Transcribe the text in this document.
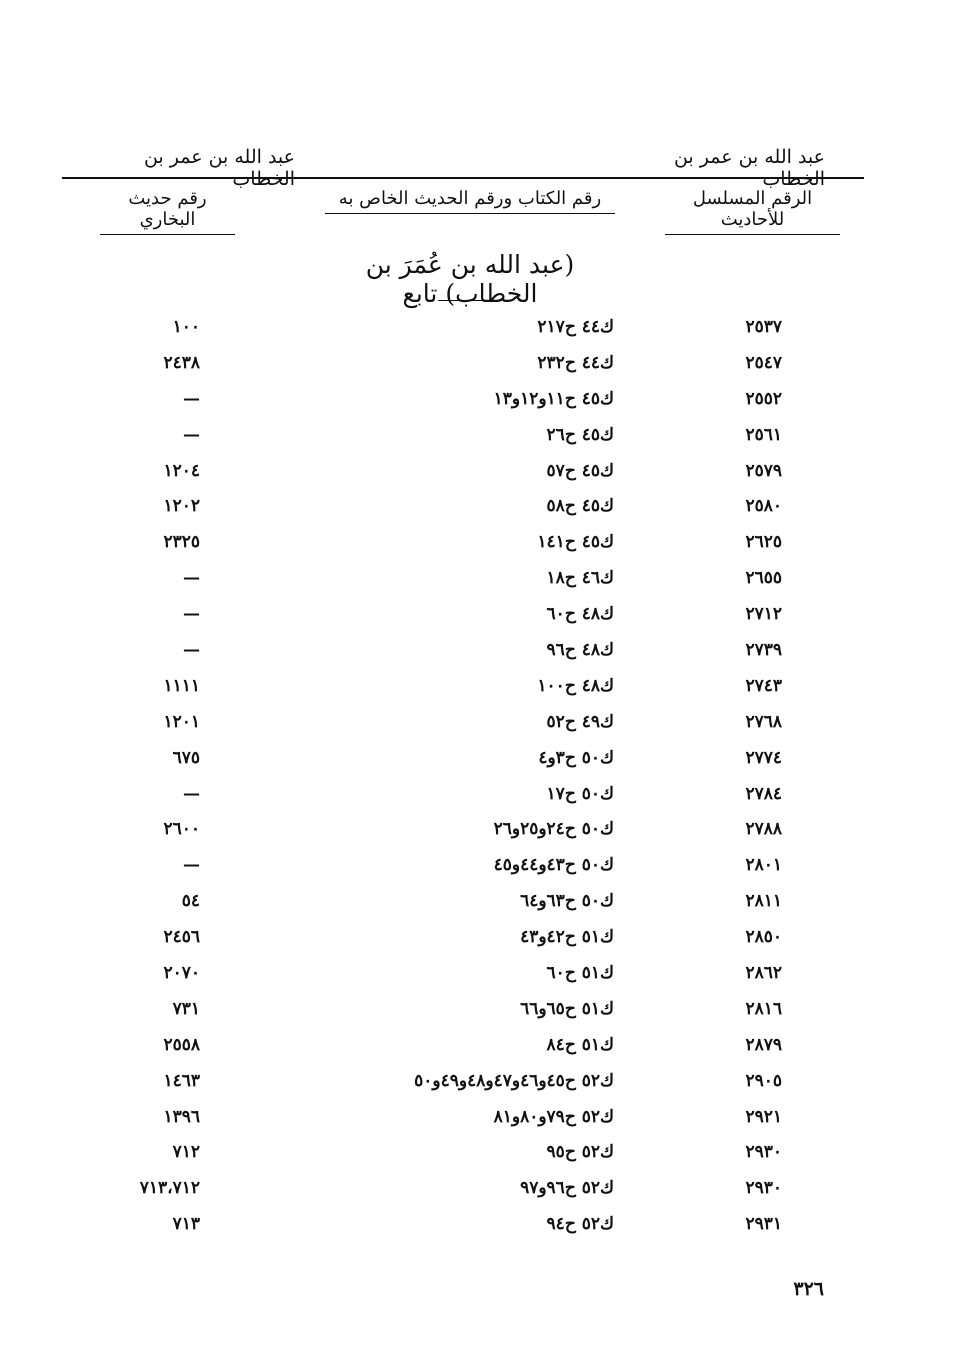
عبد الله بن عمر بن الخطاب
عبد الله بن عمر بن الخطاب
الرقم المسلسل للأحاديث
رقم الكتاب ورقم الحديث الخاص به
رقم حديث البخاري
(عبد الله بن عُمَرَ بن الخطاب) تابع
٢٥٣٧
ك٤٤ ح٢١٧
١٠٠
٢٥٤٧
ك٤٤ ح٢٣٢
٢٤٣٨
٢٥٥٢
ك٤٥ ح١١و١٢و١٣
—
٢٥٦١
ك٤٥ ح٢٦
—
٢٥٧٩
ك٤٥ ح٥٧
١٢٠٤
٢٥٨٠
ك٤٥ ح٥٨
١٢٠٢
٢٦٢٥
ك٤٥ ح١٤١
٢٣٢٥
٢٦٥٥
ك٤٦ ح١٨
—
٢٧١٢
ك٤٨ ح٦٠
—
٢٧٣٩
ك٤٨ ح٩٦
—
٢٧٤٣
ك٤٨ ح١٠٠
١١١١
٢٧٦٨
ك٤٩ ح٥٢
١٢٠١
٢٧٧٤
ك٥٠ ح٣و٤
٦٧٥
٢٧٨٤
ك٥٠ ح١٧
—
٢٧٨٨
ك٥٠ ح٢٤و٢٥و٢٦
٢٦٠٠
٢٨٠١
ك٥٠ ح٤٣و٤٤و٤٥
—
٢٨١١
ك٥٠ ح٦٣و٦٤
٥٤
٢٨٥٠
ك٥١ ح٤٢و٤٣
٢٤٥٦
٢٨٦٢
ك٥١ ح٦٠
٢٠٧٠
٢٨١٦
ك٥١ ح٦٥و٦٦
٧٣١
٢٨٧٩
ك٥١ ح٨٤
٢٥٥٨
٢٩٠٥
ك٥٢ ح٤٥و٤٦و٤٧و٤٨و٤٩و٥٠
١٤٦٣
٢٩٢١
ك٥٢ ح٧٩و٨٠و٨١
١٣٩٦
٢٩٣٠
ك٥٢ ح٩٥
٧١٢
٢٩٣٠
ك٥٢ ح٩٦و٩٧
٧١٣،٧١٢
٢٩٣١
ك٥٢ ح٩٤
٧١٣
٣٢٦
